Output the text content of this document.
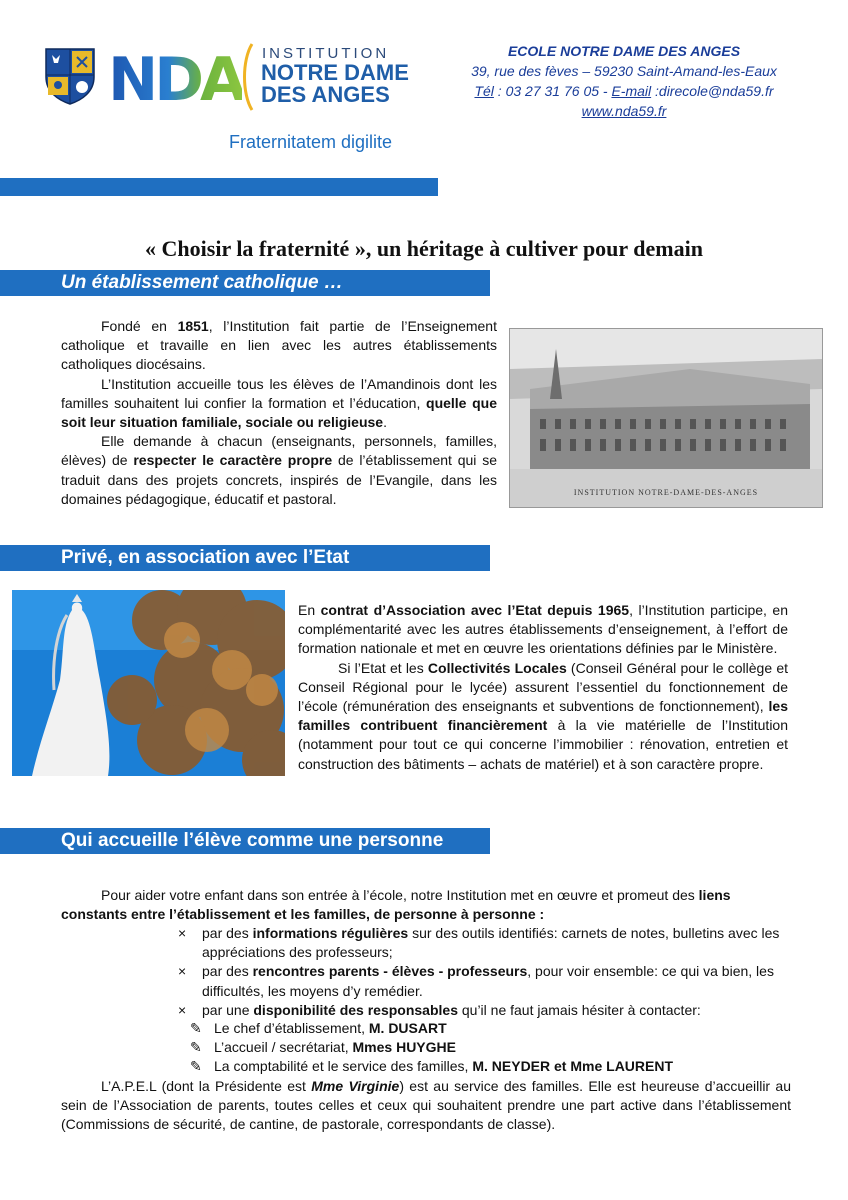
NDA INSTITUTION
NOTRE DAME
DES ANGES
Fraternitatem digilite
ECOLE NOTRE DAME DES ANGES
39, rue des fèves – 59230 Saint-Amand-les-Eaux
Tél : 03 27 31 76 05 - E-mail :direcole@nda59.fr
www.nda59.fr
« Choisir la fraternité », un héritage à cultiver pour demain
Un établissement catholique …

Fondé en 1851, l’Institution fait partie de l’Enseignement catholique et travaille en lien avec les autres établissements catholiques diocésains.

L’Institution accueille tous les élèves de l’Amandinois dont les familles souhaitent lui confier la formation et l’éducation, quelle que soit leur situation familiale, sociale ou religieuse.

Elle demande à chacun (enseignants, personnels, familles, élèves) de respecter le caractère propre de l’établissement qui se traduit dans des projets concrets, inspirés de l’Evangile, dans les domaines pédagogique, éducatif et pastoral.	INSTITUTION NOTRE-DAME-DES-ANGES
Privé, en association avec l’Etat

En contrat d’Association avec l’Etat depuis 1965, l’Institution participe, en complémentarité avec les autres établissements d’enseignement, à l’effort de formation nationale et met en œuvre les orientations définies par le Ministère.

Si l’Etat et les Collectivités Locales (Conseil Général pour le collège et Conseil Régional pour le lycée) assurent l’essentiel du fonctionnement de l’école (rémunération des enseignants et subventions de fonctionnement), les familles contribuent financièrement à la vie matérielle de l’Institution (notamment pour tout ce qui concerne l’immobilier : rénovation, entretien et construction des bâtiments – achats de matériel) et à son caractère propre.

Qui accueille l’élève comme une personne

Pour aider votre enfant dans son entrée à l’école, notre Institution met en œuvre et promeut des liens constants entre l’établissement et les familles, de personne à personne :

× par des informations régulières sur des outils identifiés: carnets de notes, bulletins avec les appréciations des professeurs;
× par des rencontres parents - élèves - professeurs, pour voir ensemble: ce qui va bien, les difficultés, les moyens d’y remédier.
× par une disponibilité des responsables qu’il ne faut jamais hésiter à contacter:
✎ Le chef d’établissement, M. DUSART
✎ L’accueil / secrétariat, Mmes HUYGHE
✎ La comptabilité et le service des familles, M. NEYDER et Mme LAURENT

L’A.P.E.L (dont la Présidente est Mme Virginie) est au service des familles. Elle est heureuse d’accueillir au sein de l’Association de parents, toutes celles et ceux qui souhaitent prendre une part active dans l’établissement (Commissions de sécurité, de cantine, de pastorale, correspondants de classe).
